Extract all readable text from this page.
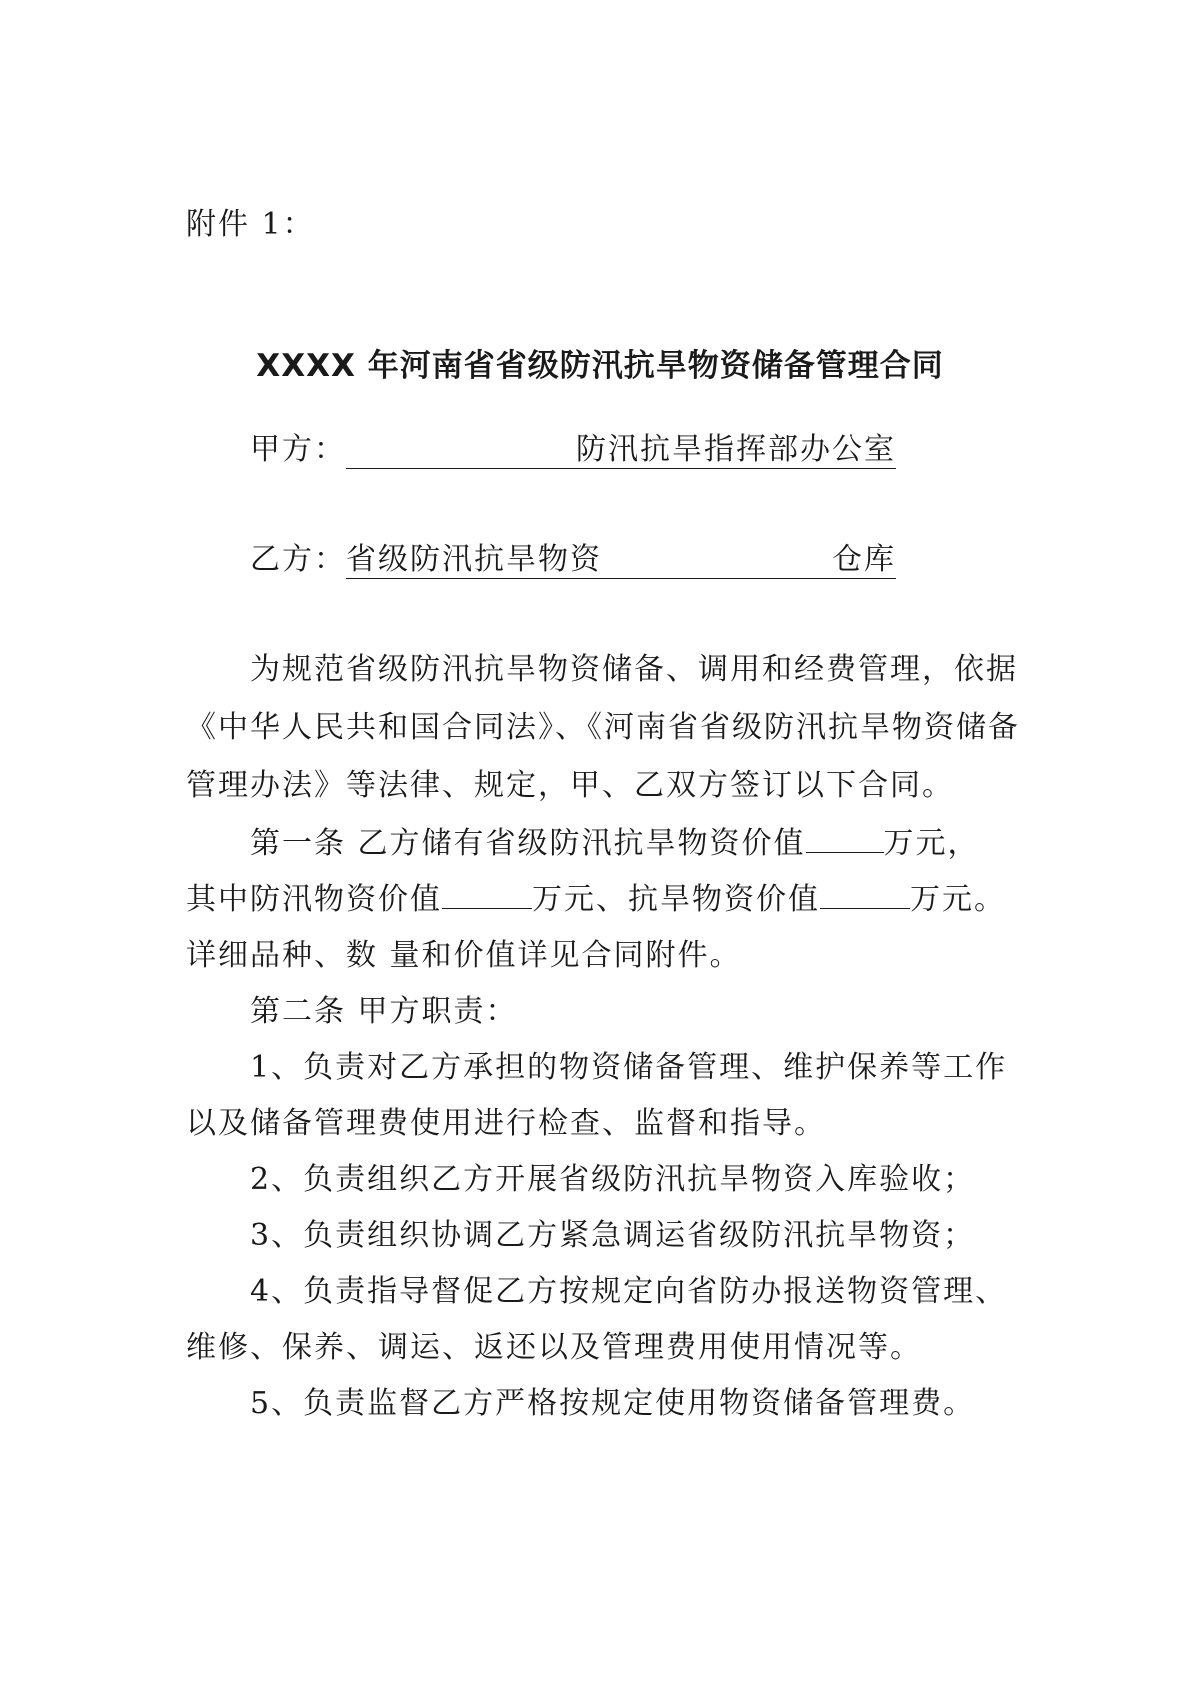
附件 1：
XXXX 年河南省省级防汛抗旱物资储备管理合同
甲方：	防汛抗旱指挥部办公室
乙方：省级防汛抗旱物资	仓库
为规范省级防汛抗旱物资储备、调用和经费管理，依据
《中华人民共和国合同法》、《河南省省级防汛抗旱物资储备
管理办法》等法律、规定，甲、乙双方签订以下合同。
第一条 乙方储有省级防汛抗旱物资价值	万元，
其中防汛物资价值	万元、抗旱物资价值	万元。
详细品种、数 量和价值详见合同附件。
第二条 甲方职责：
1、负责对乙方承担的物资储备管理、维护保养等工作
以及储备管理费使用进行检查、监督和指导。
2、负责组织乙方开展省级防汛抗旱物资入库验收；
3、负责组织协调乙方紧急调运省级防汛抗旱物资；
4、负责指导督促乙方按规定向省防办报送物资管理、
维修、保养、调运、返还以及管理费用使用情况等。
5、负责监督乙方严格按规定使用物资储备管理费。
